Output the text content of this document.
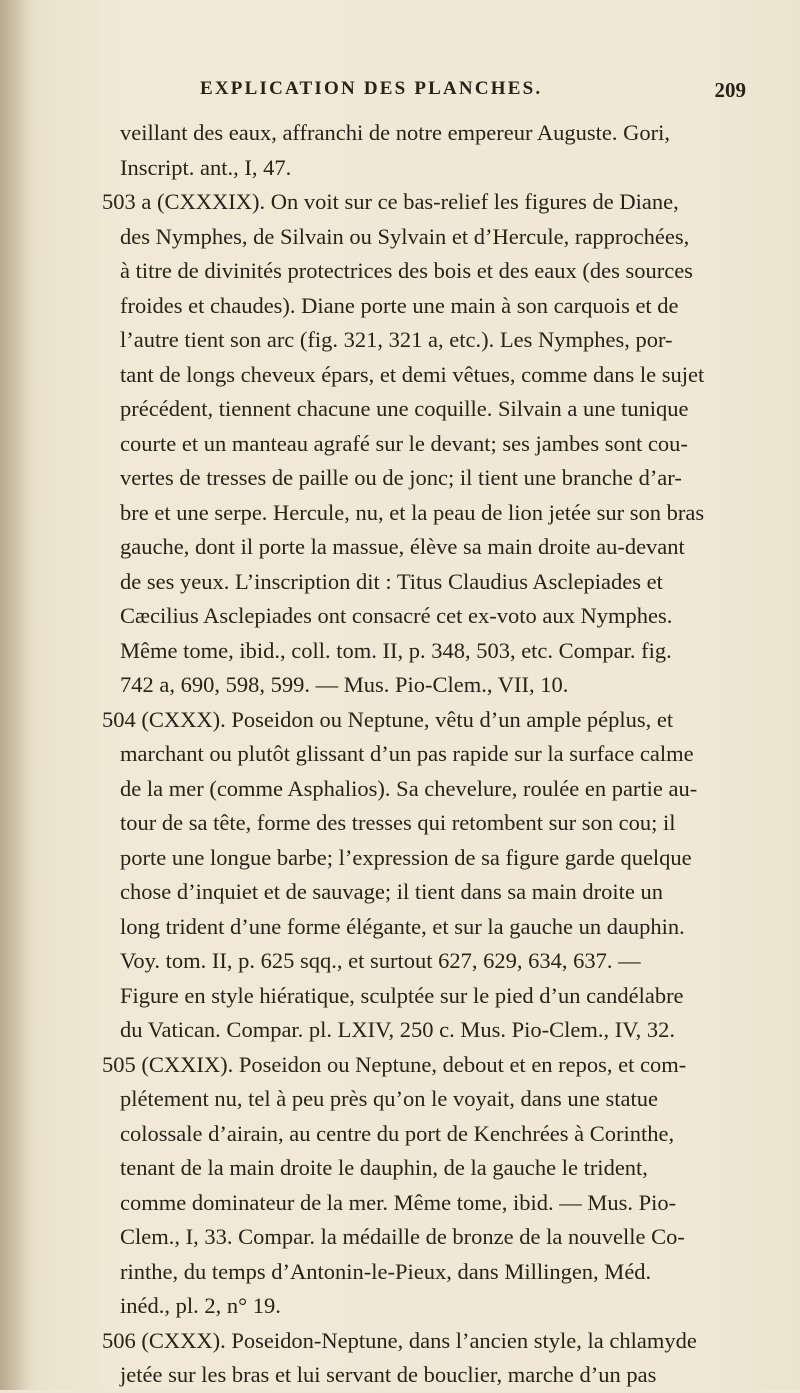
EXPLICATION DES PLANCHES.	209
veillant des eaux, affranchi de notre empereur Auguste. Gori,
Inscript. ant., I, 47.
503 a (CXXXIX). On voit sur ce bas-relief les figures de Diane,
des Nymphes, de Silvain ou Sylvain et d’Hercule, rapprochées,
à titre de divinités protectrices des bois et des eaux (des sources
froides et chaudes). Diane porte une main à son carquois et de
l’autre tient son arc (fig. 321, 321 a, etc.). Les Nymphes, por-
tant de longs cheveux épars, et demi vêtues, comme dans le sujet
précédent, tiennent chacune une coquille. Silvain a une tunique
courte et un manteau agrafé sur le devant; ses jambes sont cou-
vertes de tresses de paille ou de jonc; il tient une branche d’ar-
bre et une serpe. Hercule, nu, et la peau de lion jetée sur son bras
gauche, dont il porte la massue, élève sa main droite au-devant
de ses yeux. L’inscription dit : Titus Claudius Asclepiades et
Cæcilius Asclepiades ont consacré cet ex-voto aux Nymphes.
Même tome, ibid., coll. tom. II, p. 348, 503, etc. Compar. fig.
742 a, 690, 598, 599. — Mus. Pio-Clem., VII, 10.
504 (CXXX). Poseidon ou Neptune, vêtu d’un ample péplus, et
marchant ou plutôt glissant d’un pas rapide sur la surface calme
de la mer (comme Asphalios). Sa chevelure, roulée en partie au-
tour de sa tête, forme des tresses qui retombent sur son cou; il
porte une longue barbe; l’expression de sa figure garde quelque
chose d’inquiet et de sauvage; il tient dans sa main droite un
long trident d’une forme élégante, et sur la gauche un dauphin.
Voy. tom. II, p. 625 sqq., et surtout 627, 629, 634, 637. —
Figure en style hiératique, sculptée sur le pied d’un candélabre
du Vatican. Compar. pl. LXIV, 250 c. Mus. Pio-Clem., IV, 32.
505 (CXXIX). Poseidon ou Neptune, debout et en repos, et com-
plétement nu, tel à peu près qu’on le voyait, dans une statue
colossale d’airain, au centre du port de Kenchrées à Corinthe,
tenant de la main droite le dauphin, de la gauche le trident,
comme dominateur de la mer. Même tome, ibid. — Mus. Pio-
Clem., I, 33. Compar. la médaille de bronze de la nouvelle Co-
rinthe, du temps d’Antonin-le-Pieux, dans Millingen, Méd.
inéd., pl. 2, n° 19.
506 (CXXX). Poseidon-Neptune, dans l’ancien style, la chlamyde
jetée sur les bras et lui servant de bouclier, marche d’un pas
